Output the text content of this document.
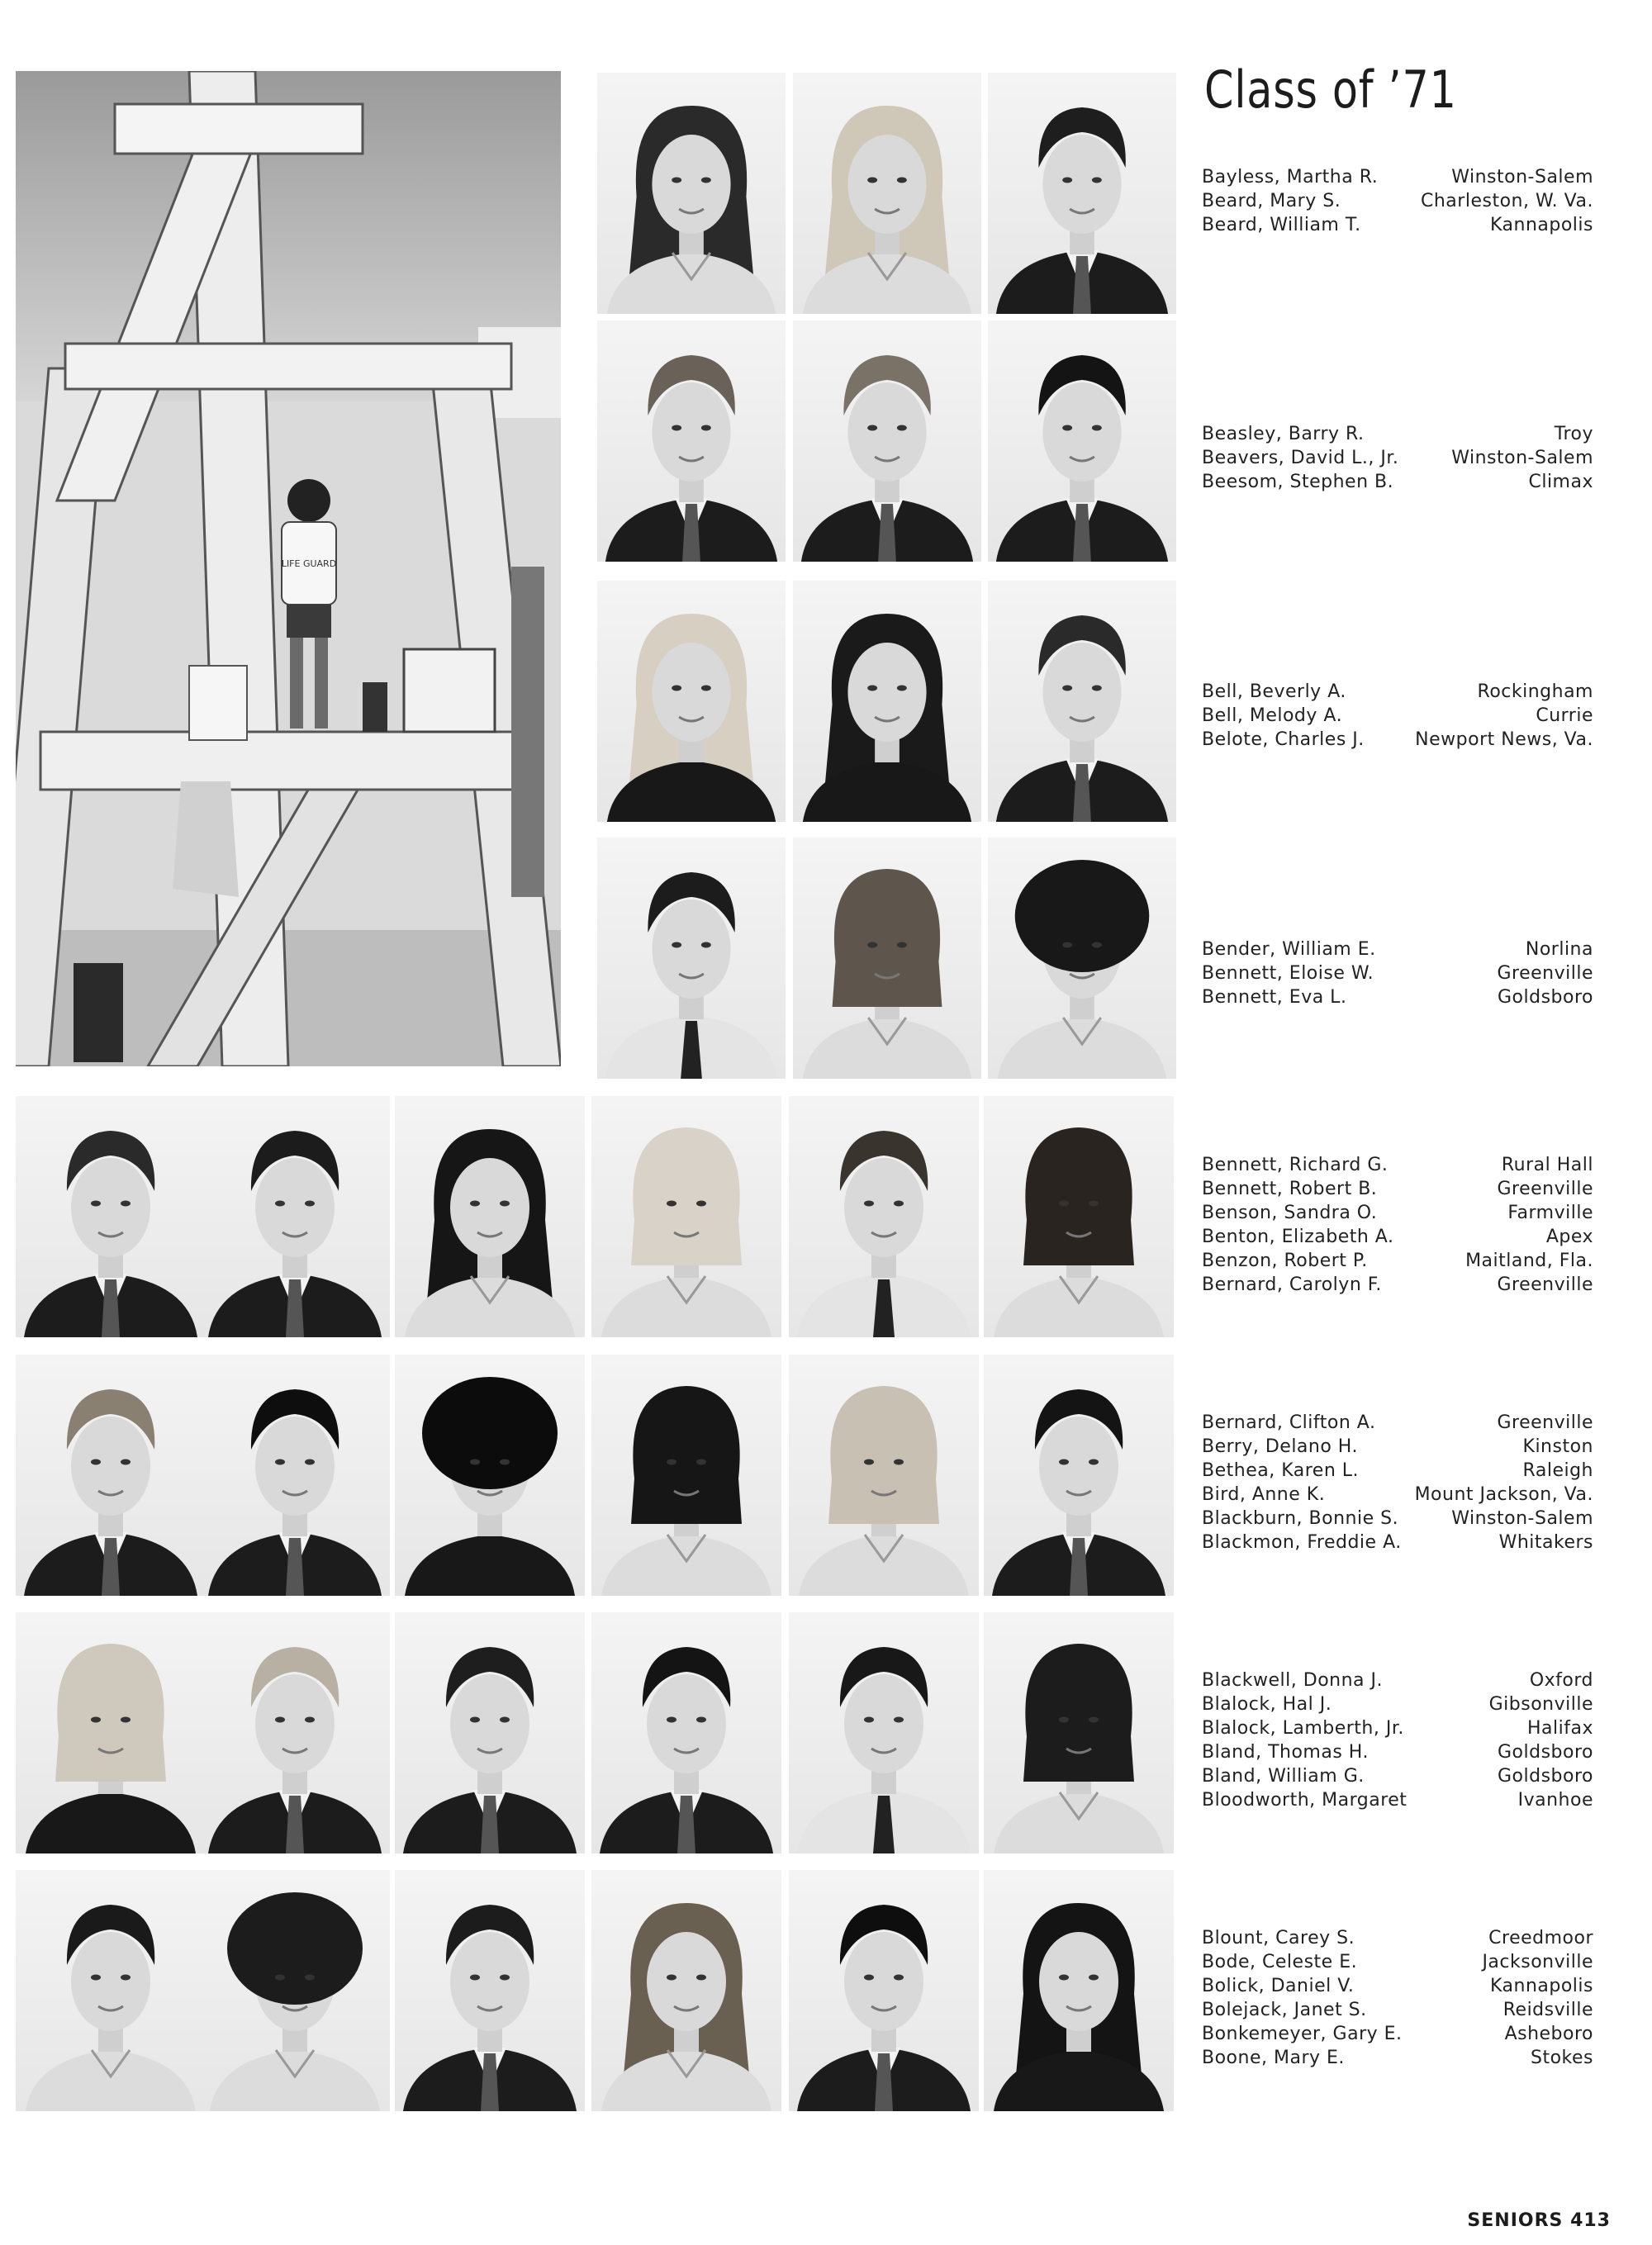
LIFE GUARD
Class of ’71
Bayless, Martha R.	Winston-Salem
Beard, Mary S.	Charleston, W. Va.
Beard, William T.	Kannapolis
Beasley, Barry R.	Troy
Beavers, David L., Jr.	Winston-Salem
Beesom, Stephen B.	Climax
Bell, Beverly A.	Rockingham
Bell, Melody A.	Currie
Belote, Charles J.	Newport News, Va.
Bender, William E.	Norlina
Bennett, Eloise W.	Greenville
Bennett, Eva L.	Goldsboro
Bennett, Richard G.	Rural Hall
Bennett, Robert B.	Greenville
Benson, Sandra O.	Farmville
Benton, Elizabeth A.	Apex
Benzon, Robert P.	Maitland, Fla.
Bernard, Carolyn F.	Greenville
Bernard, Clifton A.	Greenville
Berry, Delano H.	Kinston
Bethea, Karen L.	Raleigh
Bird, Anne K.	Mount Jackson, Va.
Blackburn, Bonnie S.	Winston-Salem
Blackmon, Freddie A.	Whitakers
Blackwell, Donna J.	Oxford
Blalock, Hal J.	Gibsonville
Blalock, Lamberth, Jr.	Halifax
Bland, Thomas H.	Goldsboro
Bland, William G.	Goldsboro
Bloodworth, Margaret	Ivanhoe
Blount, Carey S.	Creedmoor
Bode, Celeste E.	Jacksonville
Bolick, Daniel V.	Kannapolis
Bolejack, Janet S.	Reidsville
Bonkemeyer, Gary E.	Asheboro
Boone, Mary E.	Stokes
SENIORS 413
